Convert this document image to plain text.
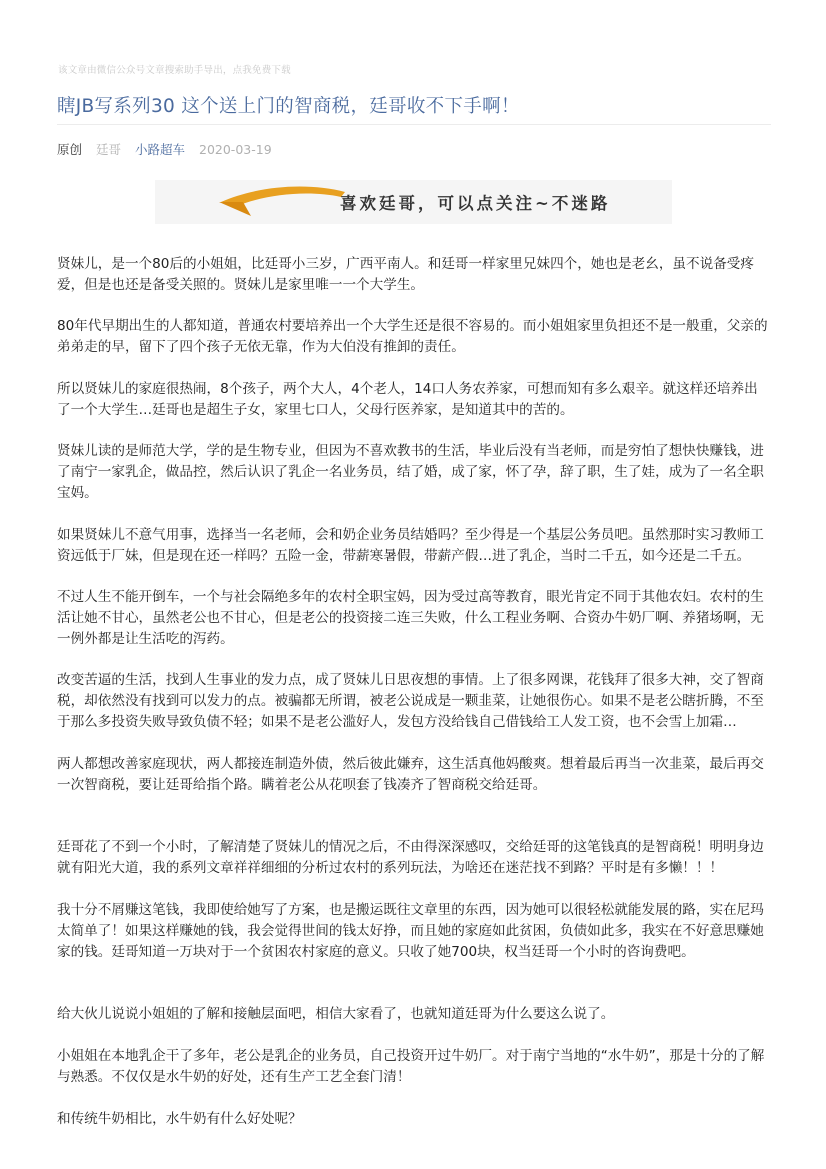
该文章由微信公众号文章搜索助手导出，点我免费下载
瞎JB写系列30 这个送上门的智商税，廷哥收不下手啊！
原创 廷哥 小路超车 2020-03-19
喜欢廷哥，可以点关注~不迷路

贤妹儿，是一个80后的小姐姐，比廷哥小三岁，广西平南人。和廷哥一样家里兄妹四个，她也是老幺，虽不说备受疼爱，但是也还是备受关照的。贤妹儿是家里唯一一个大学生。

80年代早期出生的人都知道，普通农村要培养出一个大学生还是很不容易的。而小姐姐家里负担还不是一般重，父亲的弟弟走的早，留下了四个孩子无依无靠，作为大伯没有推卸的责任。

所以贤妹儿的家庭很热闹，8个孩子，两个大人，4个老人，14口人务农养家，可想而知有多么艰辛。就这样还培养出了一个大学生…廷哥也是超生子女，家里七口人，父母行医养家，是知道其中的苦的。

贤妹儿读的是师范大学，学的是生物专业，但因为不喜欢教书的生活，毕业后没有当老师，而是穷怕了想快快赚钱，进了南宁一家乳企，做品控，然后认识了乳企一名业务员，结了婚，成了家，怀了孕，辞了职，生了娃，成为了一名全职宝妈。

如果贤妹儿不意气用事，选择当一名老师，会和奶企业务员结婚吗？至少得是一个基层公务员吧。虽然那时实习教师工资远低于厂妹，但是现在还一样吗？五险一金，带薪寒暑假，带薪产假…进了乳企，当时二千五，如今还是二千五。

不过人生不能开倒车，一个与社会隔绝多年的农村全职宝妈，因为受过高等教育，眼光肯定不同于其他农妇。农村的生活让她不甘心，虽然老公也不甘心，但是老公的投资接二连三失败，什么工程业务啊、合资办牛奶厂啊、养猪场啊，无一例外都是让生活吃的泻药。

改变苦逼的生活，找到人生事业的发力点，成了贤妹儿日思夜想的事情。上了很多网课，花钱拜了很多大神，交了智商税，却依然没有找到可以发力的点。被骗都无所谓，被老公说成是一颗韭菜，让她很伤心。如果不是老公瞎折腾，不至于那么多投资失败导致负债不轻；如果不是老公滥好人，发包方没给钱自己借钱给工人发工资，也不会雪上加霜…

两人都想改善家庭现状，两人都接连制造外债，然后彼此嫌弃，这生活真他妈酸爽。想着最后再当一次韭菜，最后再交一次智商税，要让廷哥给指个路。瞒着老公从花呗套了钱凑齐了智商税交给廷哥。

廷哥花了不到一个小时，了解清楚了贤妹儿的情况之后，不由得深深感叹，交给廷哥的这笔钱真的是智商税！明明身边就有阳光大道，我的系列文章祥祥细细的分析过农村的系列玩法，为啥还在迷茫找不到路？平时是有多懒！！！

我十分不屑赚这笔钱，我即使给她写了方案，也是搬运既往文章里的东西，因为她可以很轻松就能发展的路，实在尼玛太简单了！如果这样赚她的钱，我会觉得世间的钱太好挣，而且她的家庭如此贫困，负债如此多，我实在不好意思赚她家的钱。廷哥知道一万块对于一个贫困农村家庭的意义。只收了她700块，权当廷哥一个小时的咨询费吧。

给大伙儿说说小姐姐的了解和接触层面吧，相信大家看了，也就知道廷哥为什么要这么说了。

小姐姐在本地乳企干了多年，老公是乳企的业务员，自己投资开过牛奶厂。对于南宁当地的“水牛奶”，那是十分的了解与熟悉。不仅仅是水牛奶的好处，还有生产工艺全套门清！

和传统牛奶相比，水牛奶有什么好处呢？
